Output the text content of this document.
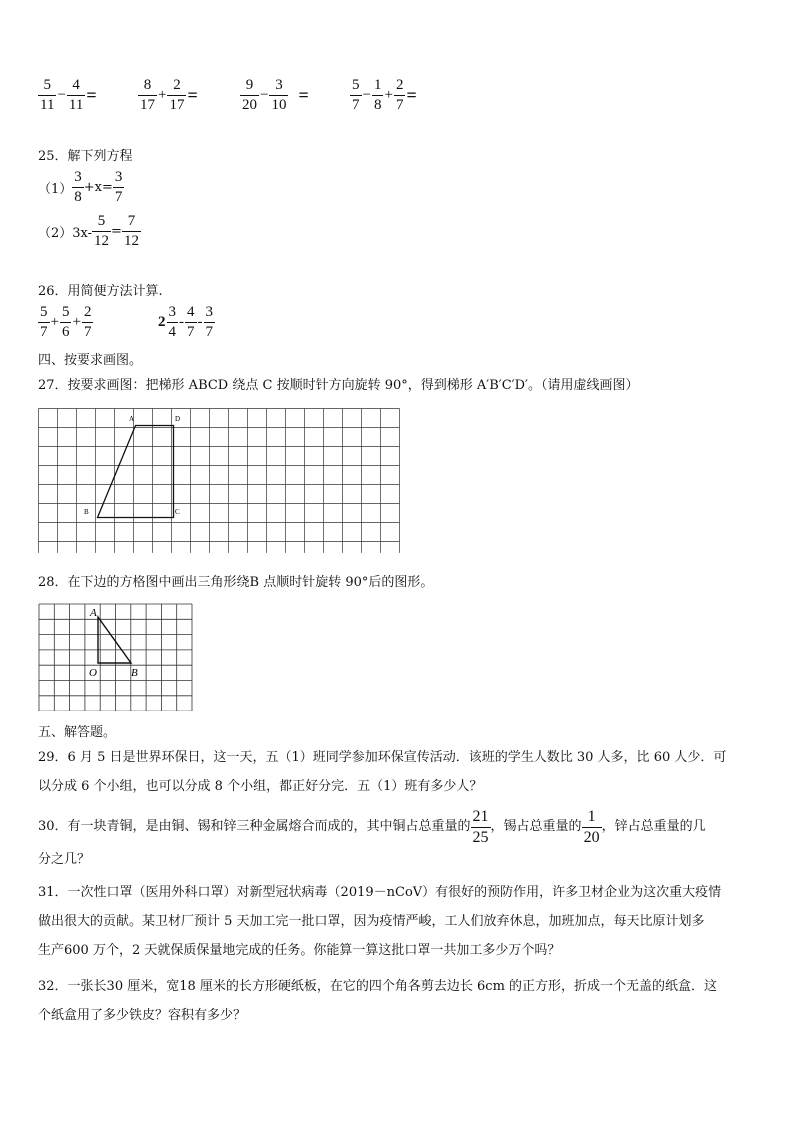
$\frac{5}{11} - \frac{4}{11}$ =	$\frac{8}{17} + \frac{2}{17}$ =	$\frac{9}{20} - \frac{3}{10}$ =	$\frac{5}{7} - \frac{1}{8} + \frac{2}{7}$ =
25．解下列方程
$(1) \frac{3}{8} +x= \frac{3}{7}$
$(2)3x- \frac{5}{12} = \frac{7}{12}$
26．用简便方法计算.
$\frac{5}{7} + \frac{5}{6} + \frac{2}{7}$	$2 \frac{3}{4} - \frac{4}{7} - \frac{3}{7}$
四、按要求画图。
27．按要求画图：把梯形 ABCD 绕点 C 按顺时针方向旋转 90°，得到梯形 A′B′C′D′。（请用虚线画图）
A	D
B	C
28．在下边的方格图中画出三角形绕B 点顺时针旋转 90°后的图形。
A
O	B
五、解答题。
29．6 月 5 日是世界环保日，这一天，五（1）班同学参加环保宣传活动．该班的学生人数比 30 人多，比 60 人少．可
以分成 6 个小组，也可以分成 8 个小组，都正好分完．五（1）班有多少人？
30．有一块青铜，是由铜、锡和锌三种金属熔合而成的，其中铜占总重量的 $\frac{21}{25}$ ，锡占总重量的 $\frac{1}{20}$ ，锌占总重量的几
分之几？
31．一次性口罩（医用外科口罩）对新型冠状病毒（2019－nCoV）有很好的预防作用，许多卫材企业为这次重大疫情
做出很大的贡献。某卫材厂预计 5 天加工完一批口罩，因为疫情严峻，工人们放弃休息，加班加点，每天比原计划多
生产600 万个，2 天就保质保量地完成的任务。你能算一算这批口罩一共加工多少万个吗？
32．一张长30 厘米，宽18 厘米的长方形硬纸板，在它的四个角各剪去边长 6cm 的正方形，折成一个无盖的纸盒．这
个纸盒用了多少铁皮？容积有多少？
